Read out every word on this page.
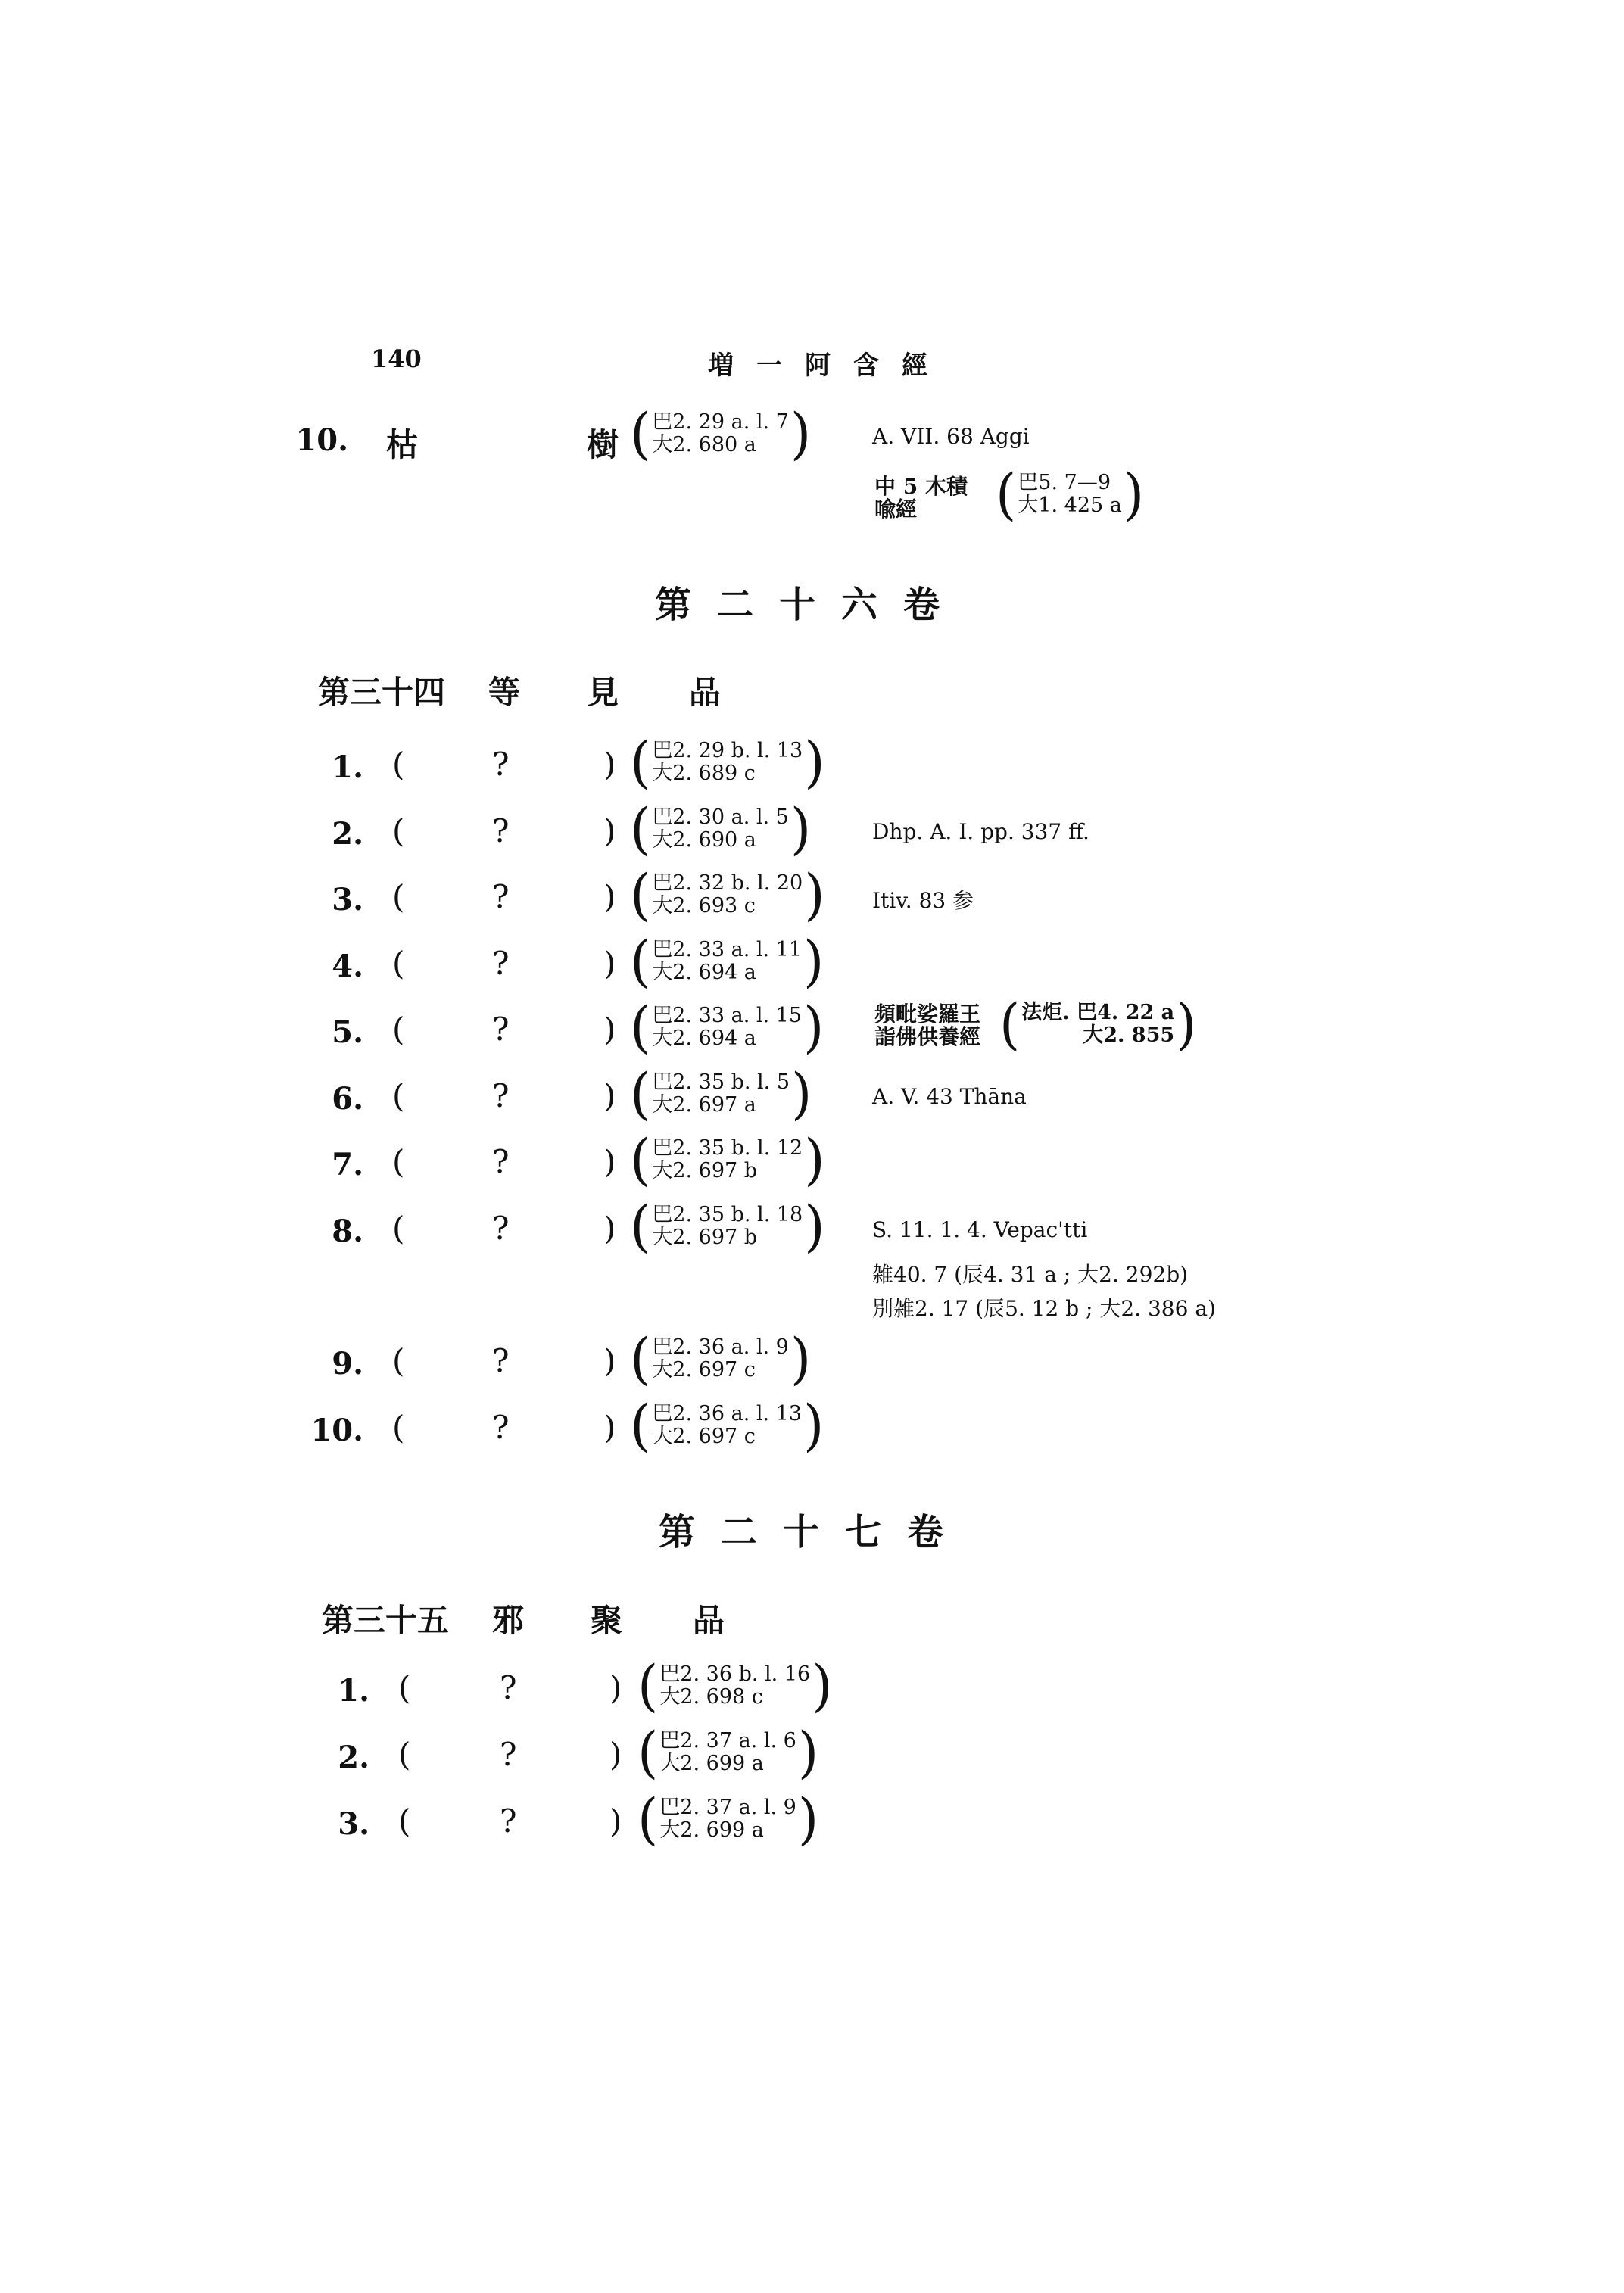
140	増一阿含經
10. 枯	樹 ( 巴2. 29 a. l. 7
大2. 680 a )	A. VII. 68 Aggi
中 5 木積
喩經	( 巴5. 7—9
大1. 425 a )
第二十六卷
第三十四 等 見 品
1. (	?	) ( 巴2. 29 b. l. 13
大2. 689 c )
2. (	?	) ( 巴2. 30 a. l. 5
大2. 690 a )	Dhp. A. I. pp. 337 ff.
3. (	?	) ( 巴2. 32 b. l. 20
大2. 693 c ) Itiv. 83 参
4. (	?	) ( 巴2. 33 a. l. 11
大2. 694 a )
5. (	?	) ( 巴2. 33 a. l. 15
大2. 694 a ) 頻毗娑羅王
詣佛供養經 ( 法炬. 巴4. 22 a
大2. 855 )
6. (	?	) ( 巴2. 35 b. l. 5
大2. 697 a )	A. V. 43 Thāna
7. (	?	) ( 巴2. 35 b. l. 12
大2. 697 b )
8. (	?	) ( 巴2. 35 b. l. 18
大2. 697 b ) S. 11. 1. 4. Vepac'tti
雑40. 7 (辰4. 31 a ; 大2. 292b)
別雑2. 17 (辰5. 12 b ; 大2. 386 a)
9. (	?	) ( 巴2. 36 a. l. 9
大2. 697 c )
10. (	?	) ( 巴2. 36 a. l. 13
大2. 697 c )
第二十七卷
第三十五 邪 聚 品
1. (	?	) ( 巴2. 36 b. l. 16
大2. 698 c )
2. (	?	) ( 巴2. 37 a. l. 6
大2. 699 a )
3. (	?	) ( 巴2. 37 a. l. 9
大2. 699 a )
